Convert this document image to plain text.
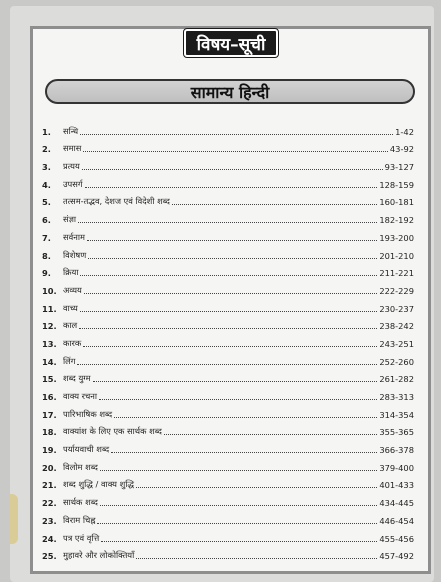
विषय–सूची
सामान्य हिन्दी
1.	सन्धि	1-42
2.	समास	43-92
3.	प्रत्यय	93-127
4.	उपसर्ग	128-159
5.	तत्सम-तद्भव, देशज एवं विदेशी शब्द	160-181
6.	संज्ञा	182-192
7.	सर्वनाम	193-200
8.	विशेषण	201-210
9.	क्रिया	211-221
10. अव्यय	222-229
11. वाच्य	230-237
12. काल	238-242
13. कारक	243-251
14. लिंग	252-260
15. शब्द युग्म	261-282
16. वाक्य रचना	283-313
17. पारिभाषिक शब्द	314-354
18. वाक्यांश के लिए एक सार्थक शब्द	355-365
19. पर्यायवाची शब्द	366-378
20. विलोम शब्द	379-400
21. शब्द शुद्धि / वाक्य शुद्धि	401-433
22. सार्थक शब्द	434-445
23. विराम चिह्न	446-454
24. पत्र एवं वृत्ति	455-456
25. मुहावरे और लोकोक्तियाँ	457-492
